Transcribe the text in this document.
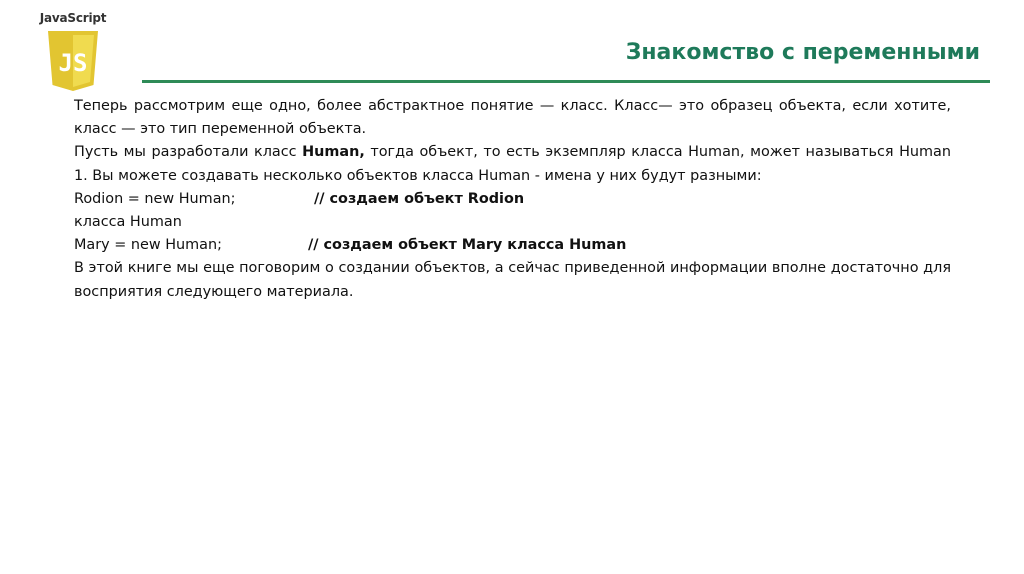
JavaScript
JS	Знакомство с переменными

Теперь рассмотрим еще одно, более абстрактное понятие — класс. Класс— это образец объекта, если хотите, класс — это тип переменной объекта.

Пусть мы разработали класс Human, тогда объект, то есть экземпляр класса Human, может называться Human 1. Вы можете создавать несколько объектов класса Human - имена у них будут разными:

Rodion = new Human;	// создаем объект Rodion
класса Human
Mary = new Human;	// создаем объект Mary класса Human

В этой книге мы еще поговорим о создании объектов, а сейчас приведенной информации вполне достаточно для восприятия следующего материала.
